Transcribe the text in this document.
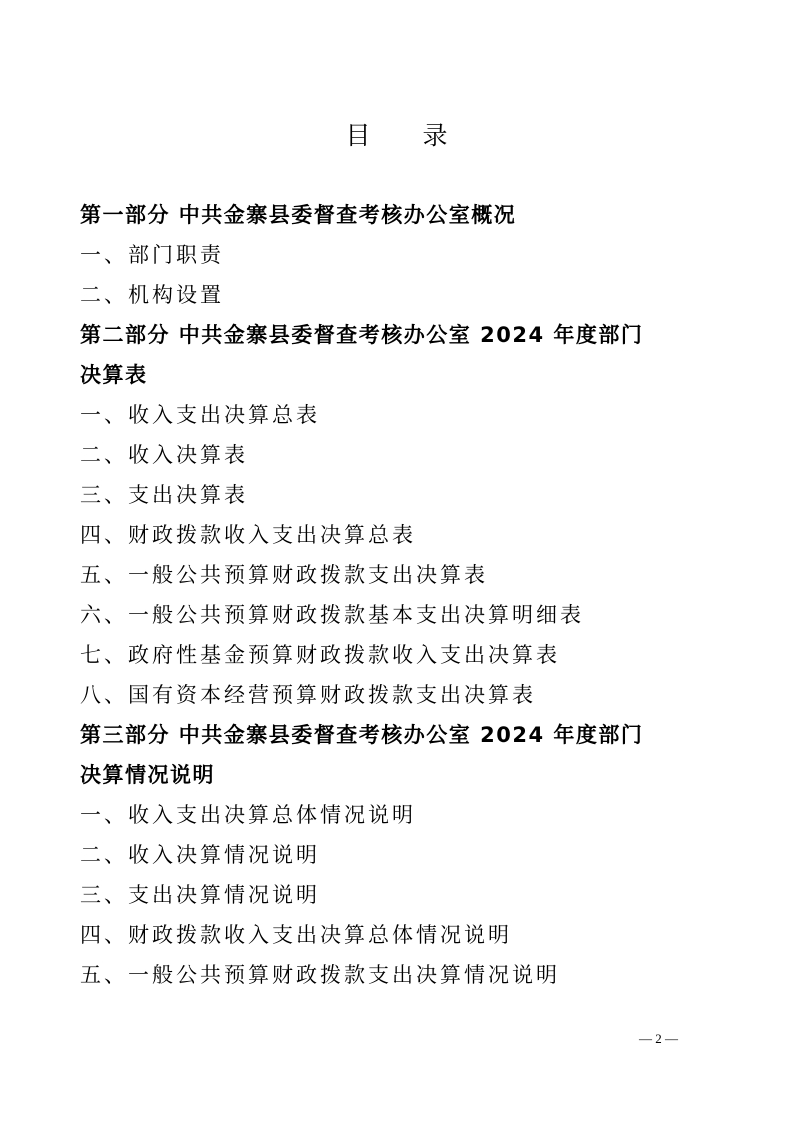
目 录
第一部分 中共金寨县委督查考核办公室概况
一、部门职责
二、机构设置
第二部分 中共金寨县委督查考核办公室 2024 年度部门
决算表
一、收入支出决算总表
二、收入决算表
三、支出决算表
四、财政拨款收入支出决算总表
五、一般公共预算财政拨款支出决算表
六、一般公共预算财政拨款基本支出决算明细表
七、政府性基金预算财政拨款收入支出决算表
八、国有资本经营预算财政拨款支出决算表
第三部分 中共金寨县委督查考核办公室 2024 年度部门
决算情况说明
一、收入支出决算总体情况说明
二、收入决算情况说明
三、支出决算情况说明
四、财政拨款收入支出决算总体情况说明
五、一般公共预算财政拨款支出决算情况说明
— 2 —
